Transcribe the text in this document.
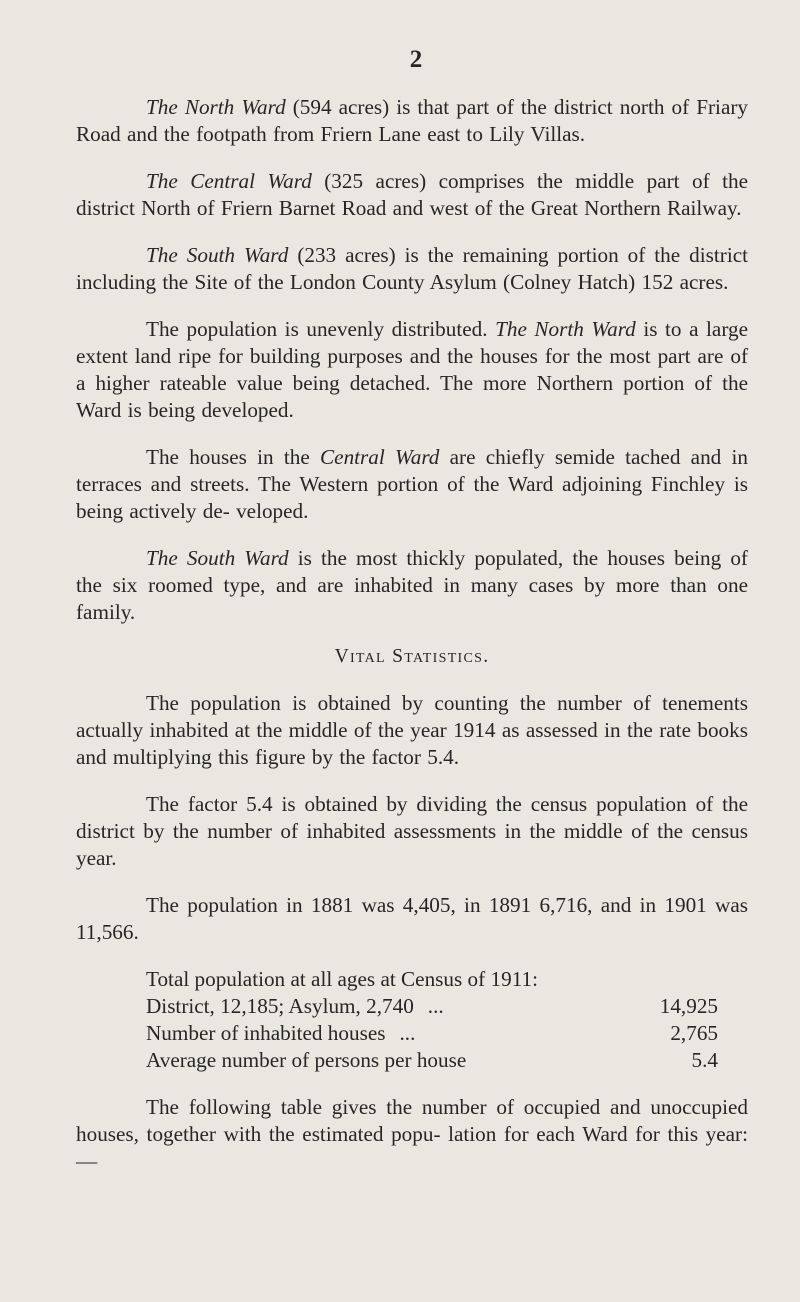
2

The North Ward (594 acres) is that part of the district north of Friary Road and the footpath from Friern Lane east to Lily Villas.

The Central Ward (325 acres) comprises the middle part of the district North of Friern Barnet Road and west of the Great Northern Railway.

The South Ward (233 acres) is the remaining portion of the district including the Site of the London County Asylum (Colney Hatch) 152 acres.

The population is unevenly distributed. The North Ward is to a large extent land ripe for building purposes and the houses for the most part are of a higher rateable value being detached. The more Northern portion of the Ward is being developed.

The houses in the Central Ward are chiefly semide tached and in terraces and streets. The Western portion of the Ward adjoining Finchley is being actively de- veloped.

The South Ward is the most thickly populated, the houses being of the six roomed type, and are inhabited in many cases by more than one family.

Vital Statistics.

The population is obtained by counting the number of tenements actually inhabited at the middle of the year 1914 as assessed in the rate books and multiplying this figure by the factor 5.4.

The factor 5.4 is obtained by dividing the census population of the district by the number of inhabited assessments in the middle of the census year.

The population in 1881 was 4,405, in 1891 6,716, and in 1901 was 11,566.

Total population at all ages at Census of 1911:
District, 12,185; Asylum, 2,740 ...	14,925
Number of inhabited houses ...	2,765
Average number of persons per house	5.4

The following table gives the number of occupied and unoccupied houses, together with the estimated popu- lation for each Ward for this year:—
